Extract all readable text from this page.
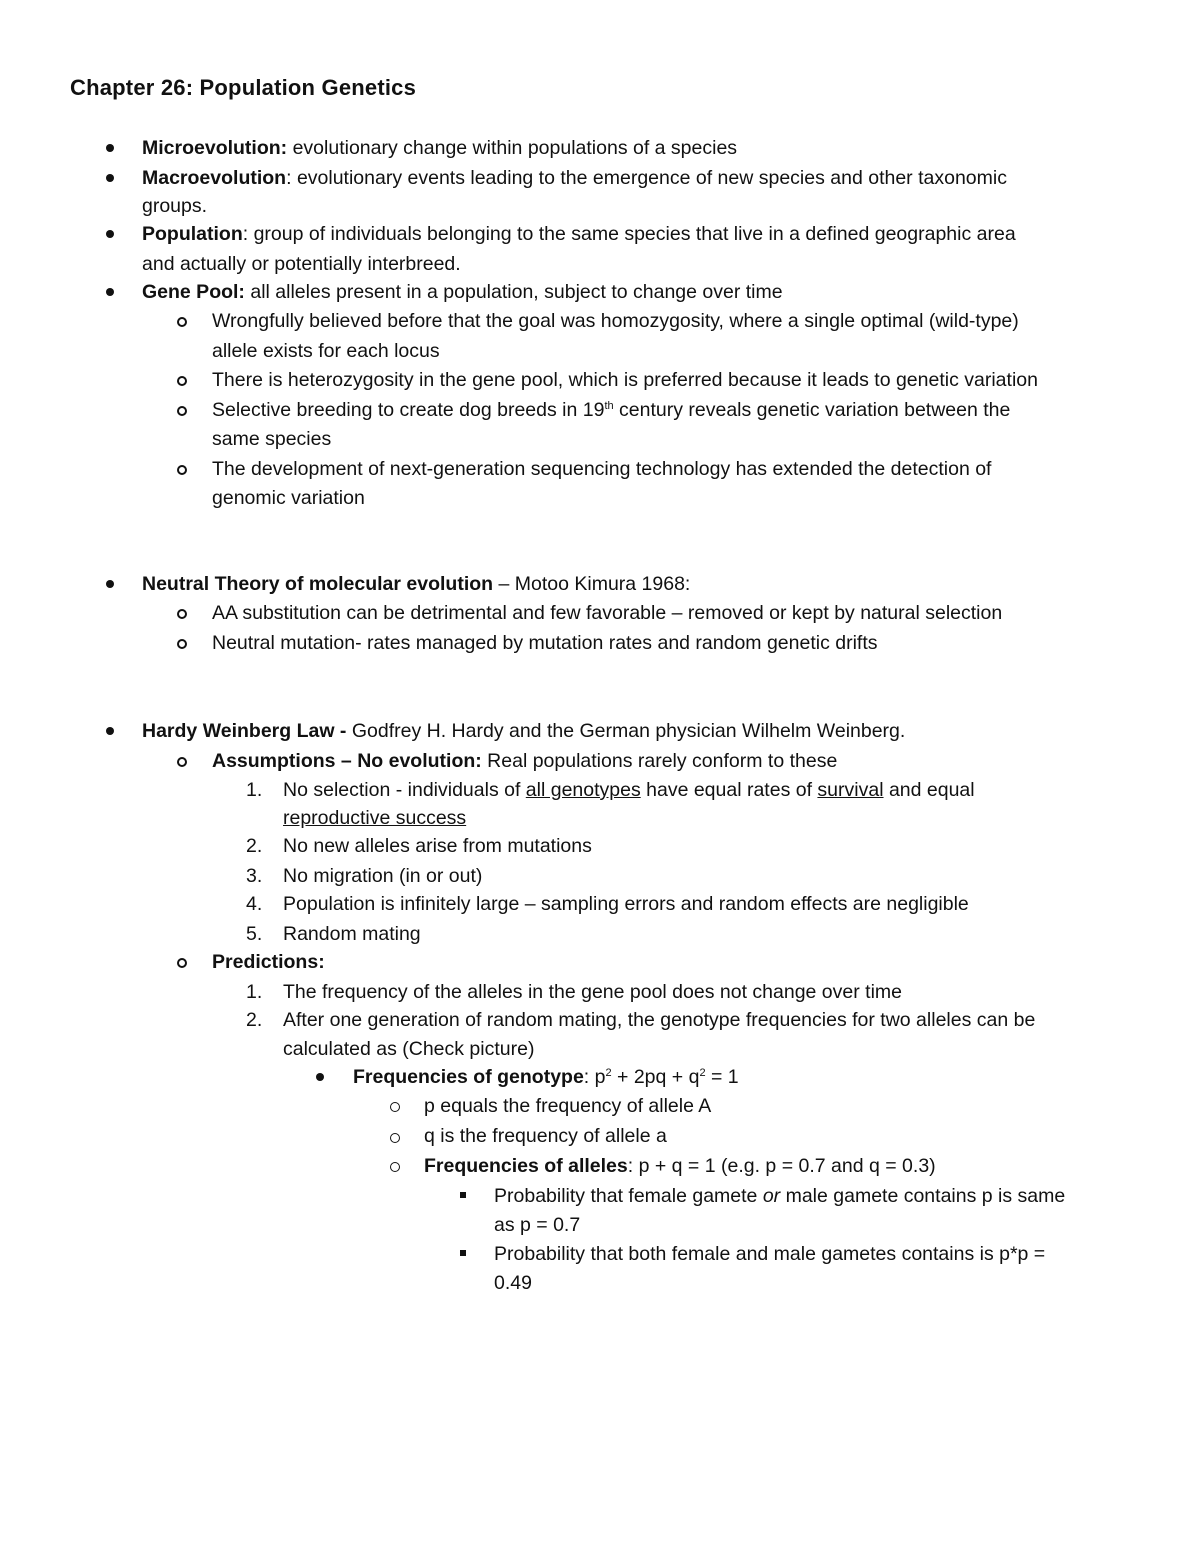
Chapter 26: Population Genetics
Microevolution: evolutionary change within populations of a species
Macroevolution: evolutionary events leading to the emergence of new species and other taxonomic
groups.
Population: group of individuals belonging to the same species that live in a defined geographic area
and actually or potentially interbreed.
Gene Pool: all alleles present in a population, subject to change over time
Wrongfully believed before that the goal was homozygosity, where a single optimal (wild-type)
allele exists for each locus
There is heterozygosity in the gene pool, which is preferred because it leads to genetic variation
Selective breeding to create dog breeds in 19th century reveals genetic variation between the
same species
The development of next-generation sequencing technology has extended the detection of
genomic variation
Neutral Theory of molecular evolution – Motoo Kimura 1968:
AA substitution can be detrimental and few favorable – removed or kept by natural selection
Neutral mutation- rates managed by mutation rates and random genetic drifts
Hardy Weinberg Law - Godfrey H. Hardy and the German physician Wilhelm Weinberg.
Assumptions – No evolution: Real populations rarely conform to these
1. No selection - individuals of all genotypes have equal rates of survival and equal
reproductive success
2. No new alleles arise from mutations
3. No migration (in or out)
4. Population is infinitely large – sampling errors and random effects are negligible
5. Random mating
Predictions:
1. The frequency of the alleles in the gene pool does not change over time
2. After one generation of random mating, the genotype frequencies for two alleles can be
calculated as (Check picture)
Frequencies of genotype: $p^2 + 2pq + q^2 = 1$
p equals the frequency of allele A
q is the frequency of allele a
Frequencies of alleles: p + q = 1 (e.g. p = 0.7 and q = 0.3)
Probability that female gamete or male gamete contains p is same
as p = 0.7
Probability that both female and male gametes contains is p*p =
0.49
